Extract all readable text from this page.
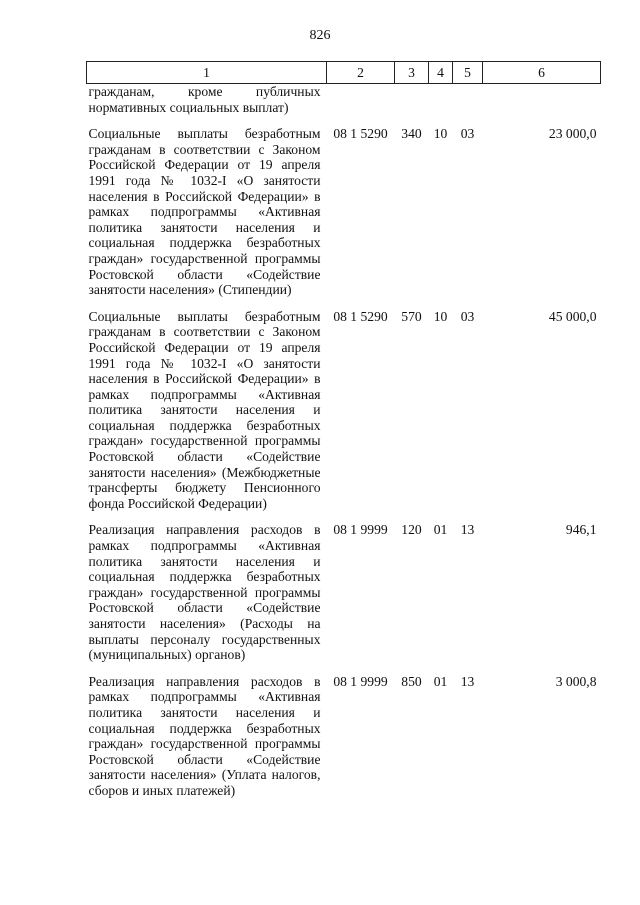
826
1	2	3	4	5	6
гражданам, кроме публичных нормативных социальных выплат)					
Социальные выплаты безработным гражданам в соответствии с Законом Российской Федерации от 19 апреля 1991 года № 1032-I «О занятости населения в Российской Федерации» в рамках подпрограммы «Активная политика занятости населения и социальная поддержка безработных граждан» государственной программы Ростовской области «Содействие занятости населения» (Стипендии)	08 1 5290	340	10	03	23 000,0
Социальные выплаты безработным гражданам в соответствии с Законом Российской Федерации от 19 апреля 1991 года № 1032-I «О занятости населения в Российской Федерации» в рамках подпрограммы «Активная политика занятости населения и социальная поддержка безработных граждан» государственной программы Ростовской области «Содействие занятости населения» (Межбюджетные трансферты бюджету Пенсионного фонда Российской Федерации)	08 1 5290	570	10	03	45 000,0
Реализация направления расходов в рамках подпрограммы «Активная политика занятости населения и социальная поддержка безработных граждан» государственной программы Ростовской области «Содействие занятости населения» (Расходы на выплаты персоналу государственных (муниципальных) органов)	08 1 9999	120	01	13	946,1
Реализация направления расходов в рамках подпрограммы «Активная политика занятости населения и социальная поддержка безработных граждан» государственной программы Ростовской области «Содействие занятости населения» (Уплата налогов, сборов и иных платежей)	08 1 9999	850	01	13	3 000,8
